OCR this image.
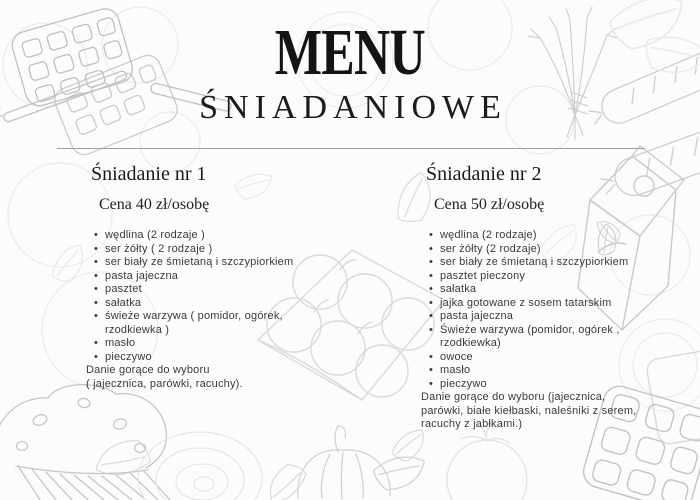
MENU
ŚNIADANIOWE
Śniadanie nr 1
Cena 40 zł/osobę
• wędlina (2 rodzaje )
• ser żółty ( 2 rodzaje )
• ser biały ze śmietaną i szczypiorkiem
• pasta jajeczna
• pasztet
• sałatka
• świeże warzywa ( pomidor, ogórek, rzodkiewka )
• masło
• pieczywo
Danie gorące do wyboru
( jajecznica, parówki, racuchy).
Śniadanie nr 2
Cena 50 zł/osobę
• wędlina (2 rodzaje)
• ser żółty (2 rodzaje)
• ser biały ze śmietaną i szczypiorkiem
• pasztet pieczony
• sałatka
• jajka gotowane z sosem tatarskim
• pasta jajeczna
• Świeże warzywa (pomidor, ogórek , rzodkiewka)
• owoce
• masło
• pieczywo
Danie gorące do wyboru (jajecznica,
parówki, białe kiełbaski, naleśniki z serem,
racuchy z jabłkami.)
